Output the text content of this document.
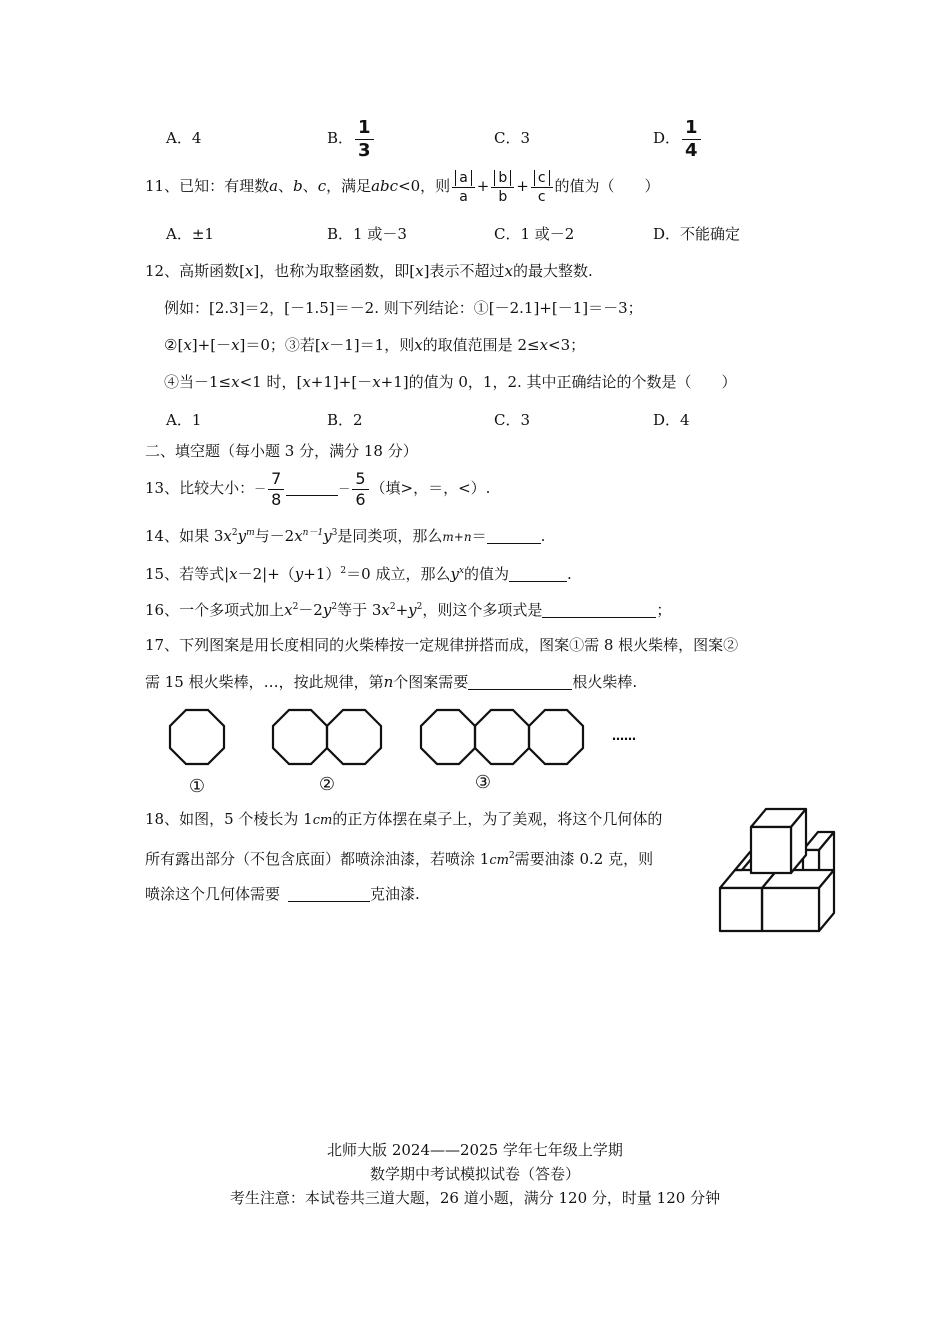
A．4	B． $\frac{1}{3}$	C．3	D． $\frac{1}{4}$
11、已知：有理数a、b、c，满足abc<0，则 $\frac{a}{a} + \frac{b}{b} + \frac{c}{c}$ 的值为（　　）
A．±1	B．1 或－3	C．1 或－2	D．不能确定
12、高斯函数[x]，也称为取整函数，即[x]表示不超过x的最大整数.
例如：[2.3]＝2，[－1.5]＝－2. 则下列结论：①[－2.1]+[－1]＝－3；
②[x]+[－x]＝0；③若[x－1]＝1，则x的取值范围是 2≤x<3；
④当－1≤x<1 时，[x+1]+[－x+1]的值为 0，1，2. 其中正确结论的个数是（　　）
A．1	B．2	C．3	D．4
二、填空题（每小题 3 分，满分 18 分）
13、比较大小：－ $\frac{7}{8}$	－ $\frac{5}{6}$ （填>，＝，<）.
14、如果 $3x^2y^m$与$-2x^{n-1}y^3$是同类项，那么m+n＝	.
15、若等式$|x-2|+(y+1)^2=0$ 成立，那么$y^x$的值为	.
16、一个多项式加上$x^2-2y^2$等于 $3x^2+y^2$，则这个多项式是	；
17、下列图案是用长度相同的火柴棒按一定规律拼搭而成，图案①需 8 根火柴棒，图案②
需 15 根火柴棒，…，按此规律，第n个图案需要	根火柴棒.
①	②	③
……
18、如图，5 个棱长为 1cm的正方体摆在桌子上，为了美观，将这个几何体的
所有露出部分（不包含底面）都喷涂油漆，若喷涂 $1cm^2$需要油漆 0.2 克，则
喷涂这个几何体需要	克油漆.
北师大版 2024——2025 学年七年级上学期
数学期中考试模拟试卷（答卷）
考生注意：本试卷共三道大题，26 道小题，满分 120 分，时量 120 分钟
